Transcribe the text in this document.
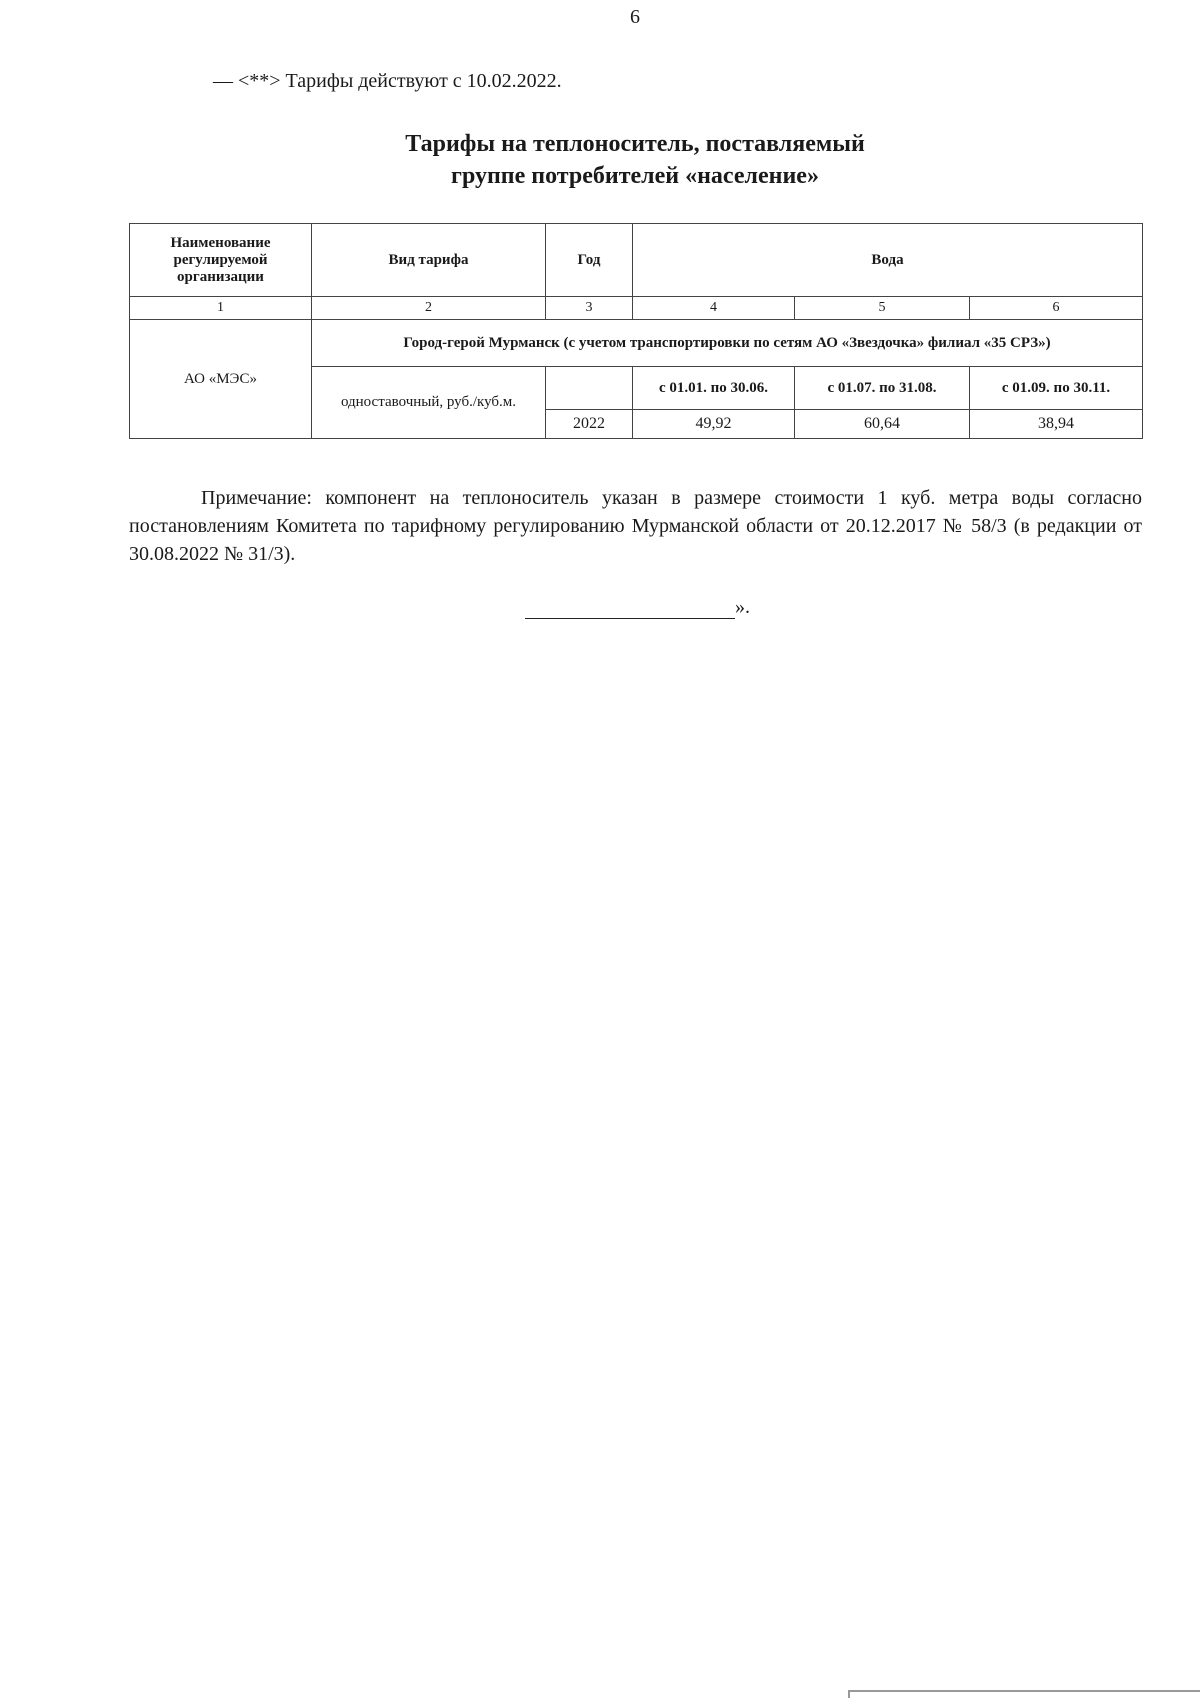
6
— <**> Тарифы действуют с 10.02.2022.
Тарифы на теплоноситель, поставляемый
группе потребителей «население»
Наименование регулируемой организации	Вид тарифа	Год	Вода		
1	2	3	4	5	6
АО «МЭС»	Город-герой Мурманск (с учетом транспортировки по сетям АО «Звездочка» филиал «35 СРЗ»)				
	одноставочный, руб./куб.м.		с 01.01. по 30.06.	с 01.07. по 31.08.	с 01.09. по 30.11.
		2022	49,92	60,64	38,94
Примечание: компонент на теплоноситель указан в размере стоимости 1 куб. метра воды согласно постановлениям Комитета по тарифному регулированию Мурманской области от 20.12.2017 № 58/3 (в редакции от 30.08.2022 № 31/3).
».
